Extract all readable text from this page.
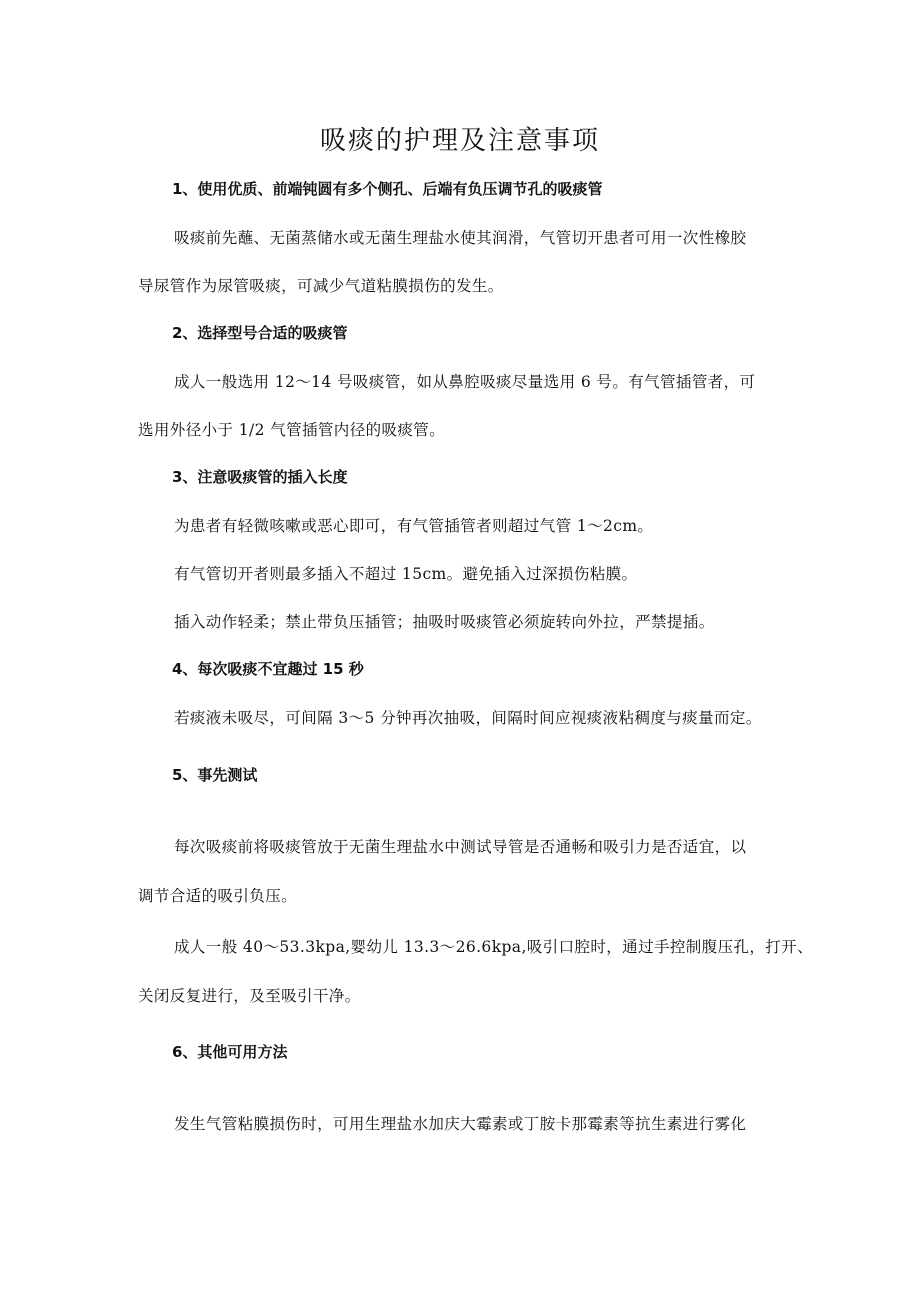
吸痰的护理及注意事项

1、使用优质、前端钝圆有多个侧孔、后端有负压调节孔的吸痰管

吸痰前先蘸、无菌蒸储水或无菌生理盐水使其润滑，气管切开患者可用一次性橡胶

导尿管作为尿管吸痰，可减少气道粘膜损伤的发生。

2、选择型号合适的吸痰管

成人一般选用 12～14 号吸痰管，如从鼻腔吸痰尽量选用 6 号。有气管插管者，可

选用外径小于 1/2 气管插管内径的吸痰管。

3、注意吸痰管的插入长度

为患者有轻微咳嗽或恶心即可，有气管插管者则超过气管 1～2cm。

有气管切开者则最多插入不超过 15cm。避免插入过深损伤粘膜。

插入动作轻柔；禁止带负压插管；抽吸时吸痰管必须旋转向外拉，严禁提插。

4、每次吸痰不宜趣过 15 秒

若痰液未吸尽，可间隔 3～5 分钟再次抽吸，间隔时间应视痰液粘稠度与痰量而定。

5、事先测试

每次吸痰前将吸痰管放于无菌生理盐水中测试导管是否通畅和吸引力是否适宜，以

调节合适的吸引负压。

成人一般 40～53.3kpa,婴幼儿 13.3～26.6kpa,吸引口腔时，通过手控制腹压孔，打开、

关闭反复进行，及至吸引干净。

6、其他可用方法

发生气管粘膜损伤时，可用生理盐水加庆大霉素或丁胺卡那霉素等抗生素进行雾化
